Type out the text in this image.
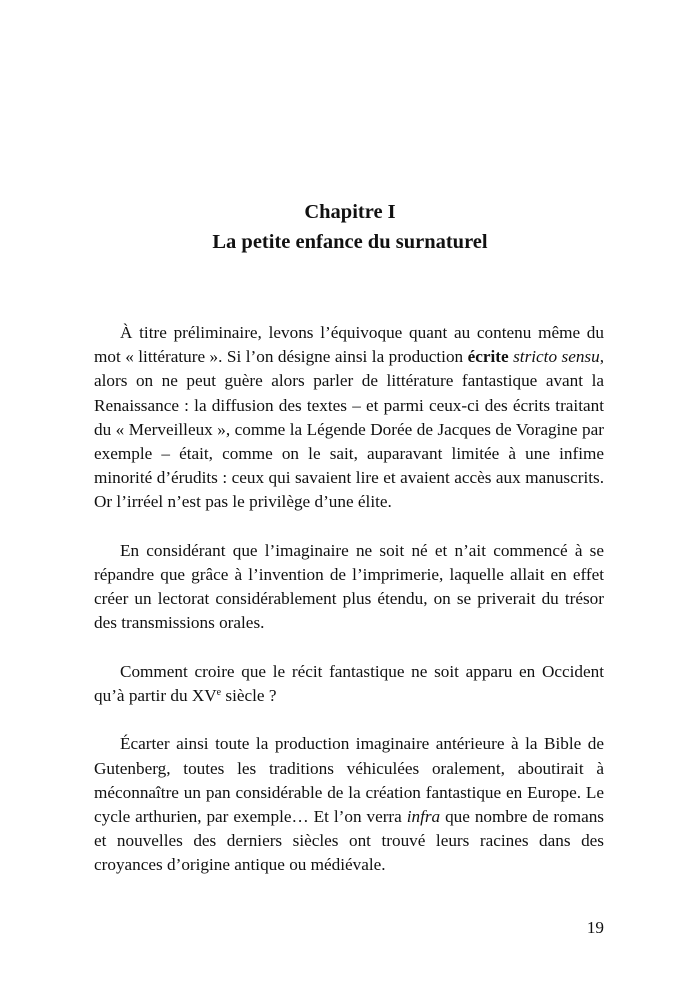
Chapitre I
La petite enfance du surnaturel

À titre préliminaire, levons l’équivoque quant au contenu même du mot « littérature ». Si l’on désigne ainsi la production écrite stricto sensu, alors on ne peut guère alors parler de littérature fantastique avant la Renaissance : la diffusion des textes – et parmi ceux-ci des écrits traitant du « Merveilleux », comme la Légende Dorée de Jacques de Voragine par exemple – était, comme on le sait, auparavant limitée à une infime minorité d’érudits : ceux qui savaient lire et avaient accès aux manuscrits. Or l’irréel n’est pas le privilège d’une élite.

En considérant que l’imaginaire ne soit né et n’ait commencé à se répandre que grâce à l’invention de l’imprimerie, laquelle allait en effet créer un lectorat considérablement plus étendu, on se priverait du trésor des transmissions orales.

Comment croire que le récit fantastique ne soit apparu en Occident qu’à partir du XVe siècle ?

Écarter ainsi toute la production imaginaire antérieure à la Bible de Gutenberg, toutes les traditions véhiculées oralement, aboutirait à méconnaître un pan considérable de la création fantastique en Europe. Le cycle arthurien, par exemple… Et l’on verra infra que nombre de romans et nouvelles des derniers siècles ont trouvé leurs racines dans des croyances d’origine antique ou médiévale.

19
